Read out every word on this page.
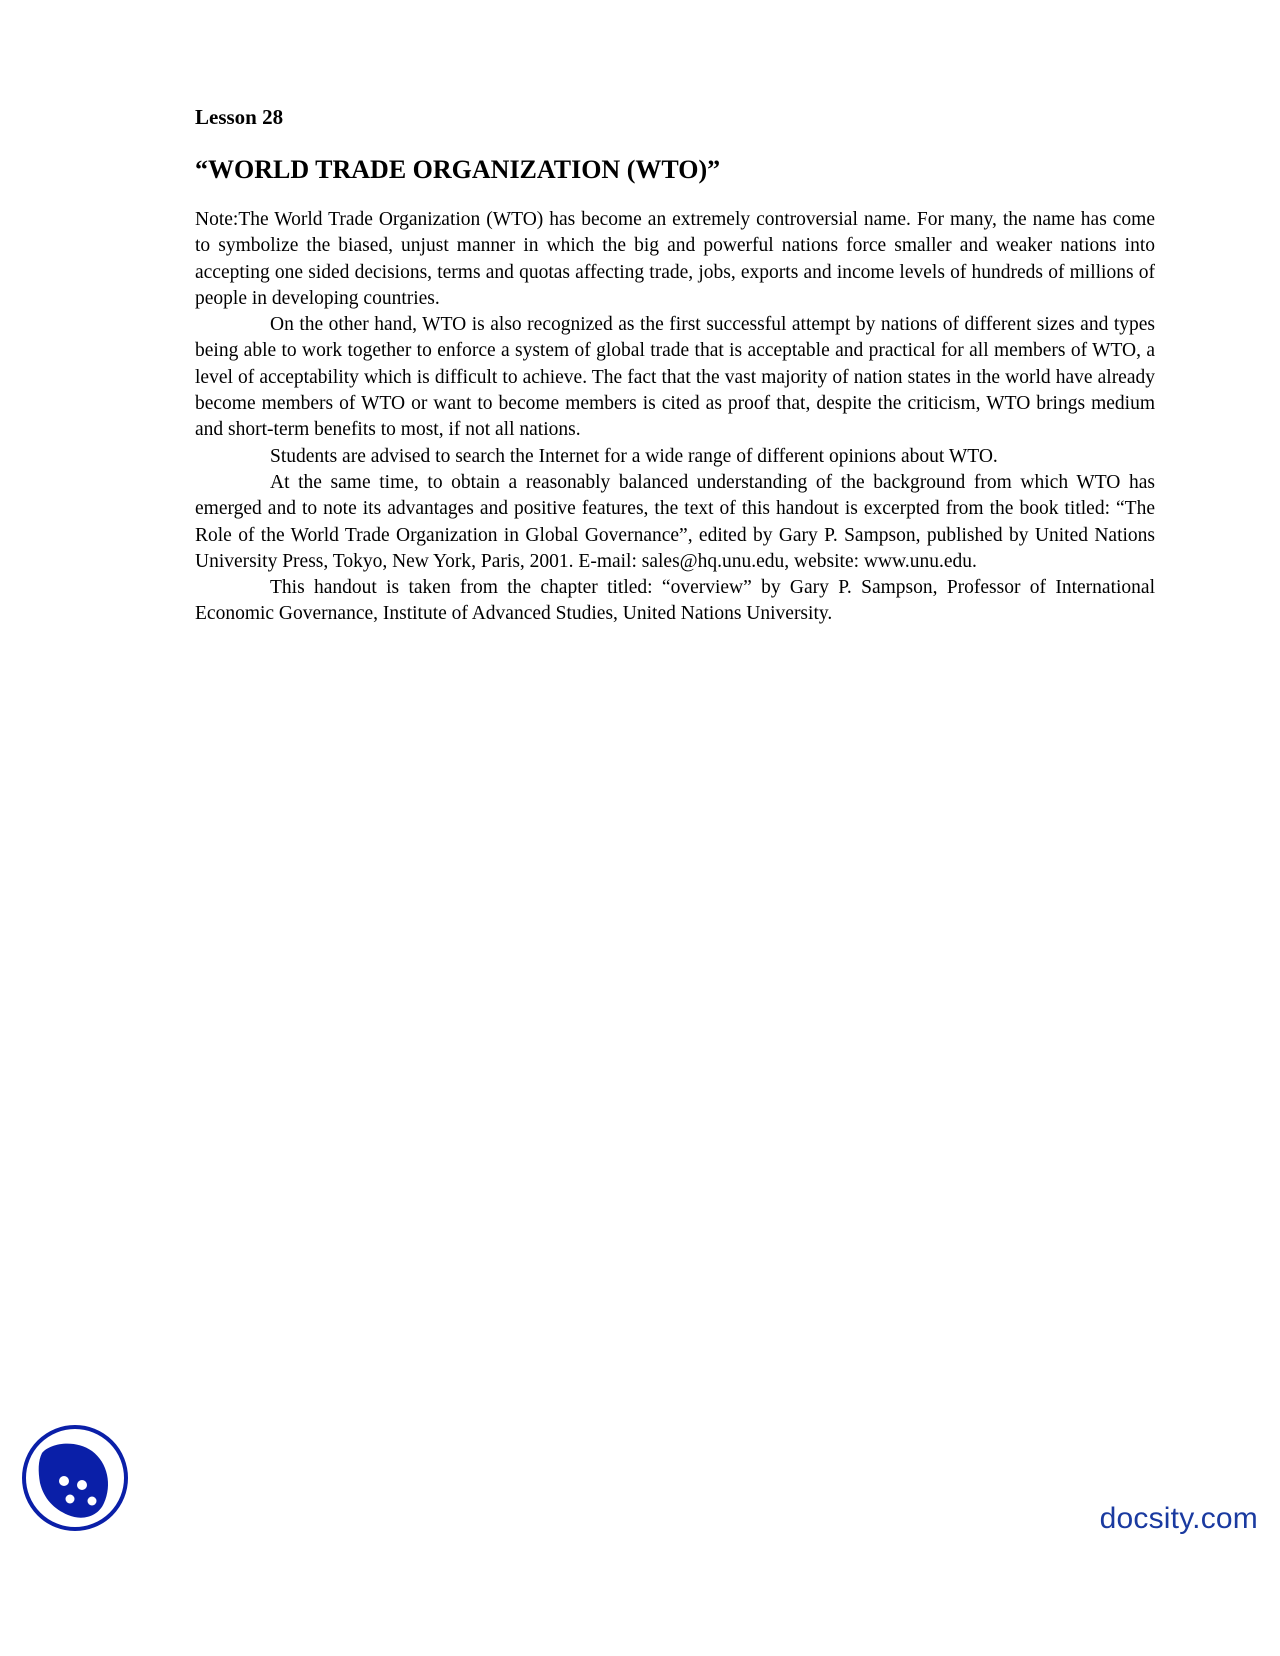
Lesson 28
“WORLD TRADE ORGANIZATION (WTO)”

Note:The World Trade Organization (WTO) has become an extremely controversial name. For many, the name has come to symbolize the biased, unjust manner in which the big and powerful nations force smaller and weaker nations into accepting one sided decisions, terms and quotas affecting trade, jobs, exports and income levels of hundreds of millions of people in developing countries.

On the other hand, WTO is also recognized as the first successful attempt by nations of different sizes and types being able to work together to enforce a system of global trade that is acceptable and practical for all members of WTO, a level of acceptability which is difficult to achieve. The fact that the vast majority of nation states in the world have already become members of WTO or want to become members is cited as proof that, despite the criticism, WTO brings medium and short-term benefits to most, if not all nations.

Students are advised to search the Internet for a wide range of different opinions about WTO.

At the same time, to obtain a reasonably balanced understanding of the background from which WTO has emerged and to note its advantages and positive features, the text of this handout is excerpted from the book titled: “The Role of the World Trade Organization in Global Governance”, edited by Gary P. Sampson, published by United Nations University Press, Tokyo, New York, Paris, 2001. E-mail: sales@hq.unu.edu, website: www.unu.edu.

This handout is taken from the chapter titled: “overview” by Gary P. Sampson, Professor of International Economic Governance, Institute of Advanced Studies, United Nations University.

docsity.com
